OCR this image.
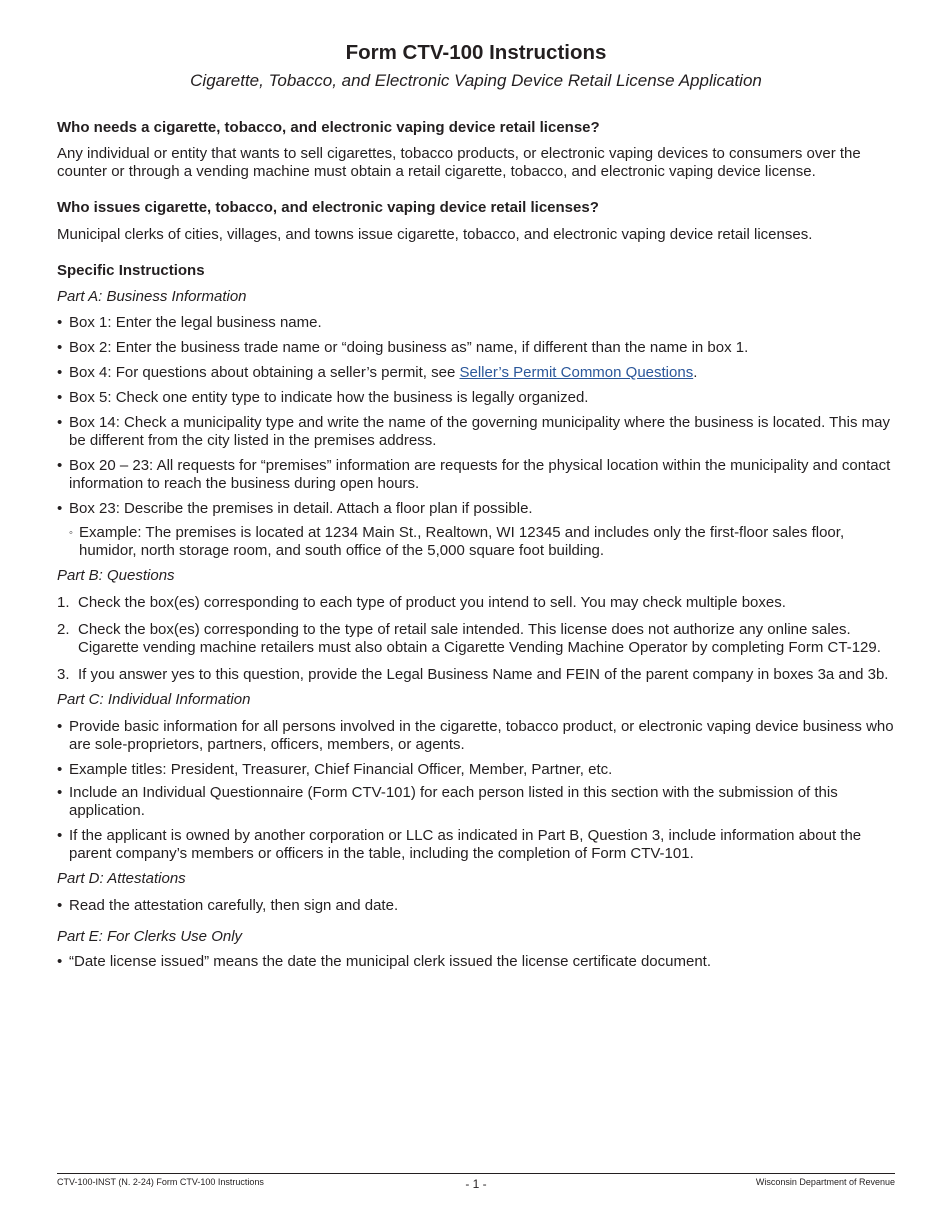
Form CTV-100 Instructions

Cigarette, Tobacco, and Electronic Vaping Device Retail License Application

Who needs a cigarette, tobacco, and electronic vaping device retail license?

Any individual or entity that wants to sell cigarettes, tobacco products, or electronic vaping devices to consumers over the counter or through a vending machine must obtain a retail cigarette, tobacco, and electronic vaping device license.

Who issues cigarette, tobacco, and electronic vaping device retail licenses?

Municipal clerks of cities, villages, and towns issue cigarette, tobacco, and electronic vaping device retail licenses.

Specific Instructions

Part A: Business Information

• Box 1: Enter the legal business name.
• Box 2: Enter the business trade name or “doing business as” name, if different than the name in box 1.
• Box 4: For questions about obtaining a seller’s permit, see Seller’s Permit Common Questions.
• Box 5: Check one entity type to indicate how the business is legally organized.
• Box 14: Check a municipality type and write the name of the governing municipality where the business is located. This may be different from the city listed in the premises address.
• Box 20 – 23: All requests for “premises” information are requests for the physical location within the municipality and contact information to reach the business during open hours.
• Box 23: Describe the premises in detail. Attach a floor plan if possible.
◦ Example: The premises is located at 1234 Main St., Realtown, WI 12345 and includes only the first-floor sales floor, humidor, north storage room, and south office of the 5,000 square foot building.

Part B: Questions

1. Check the box(es) corresponding to each type of product you intend to sell. You may check multiple boxes.
2. Check the box(es) corresponding to the type of retail sale intended. This license does not authorize any online sales. Cigarette vending machine retailers must also obtain a Cigarette Vending Machine Operator by completing Form CT-129.
3. If you answer yes to this question, provide the Legal Business Name and FEIN of the parent company in boxes 3a and 3b.

Part C: Individual Information

• Provide basic information for all persons involved in the cigarette, tobacco product, or electronic vaping device business who are sole-proprietors, partners, officers, members, or agents.
• Example titles: President, Treasurer, Chief Financial Officer, Member, Partner, etc.
• Include an Individual Questionnaire (Form CTV-101) for each person listed in this section with the submission of this application.
• If the applicant is owned by another corporation or LLC as indicated in Part B, Question 3, include information about the parent company’s members or officers in the table, including the completion of Form CTV-101.

Part D: Attestations

• Read the attestation carefully, then sign and date.

Part E: For Clerks Use Only

• “Date license issued” means the date the municipal clerk issued the license certificate document.
CTV-100-INST (N. 2-24) Form CTV-100 Instructions	- 1 -	Wisconsin Department of Revenue
